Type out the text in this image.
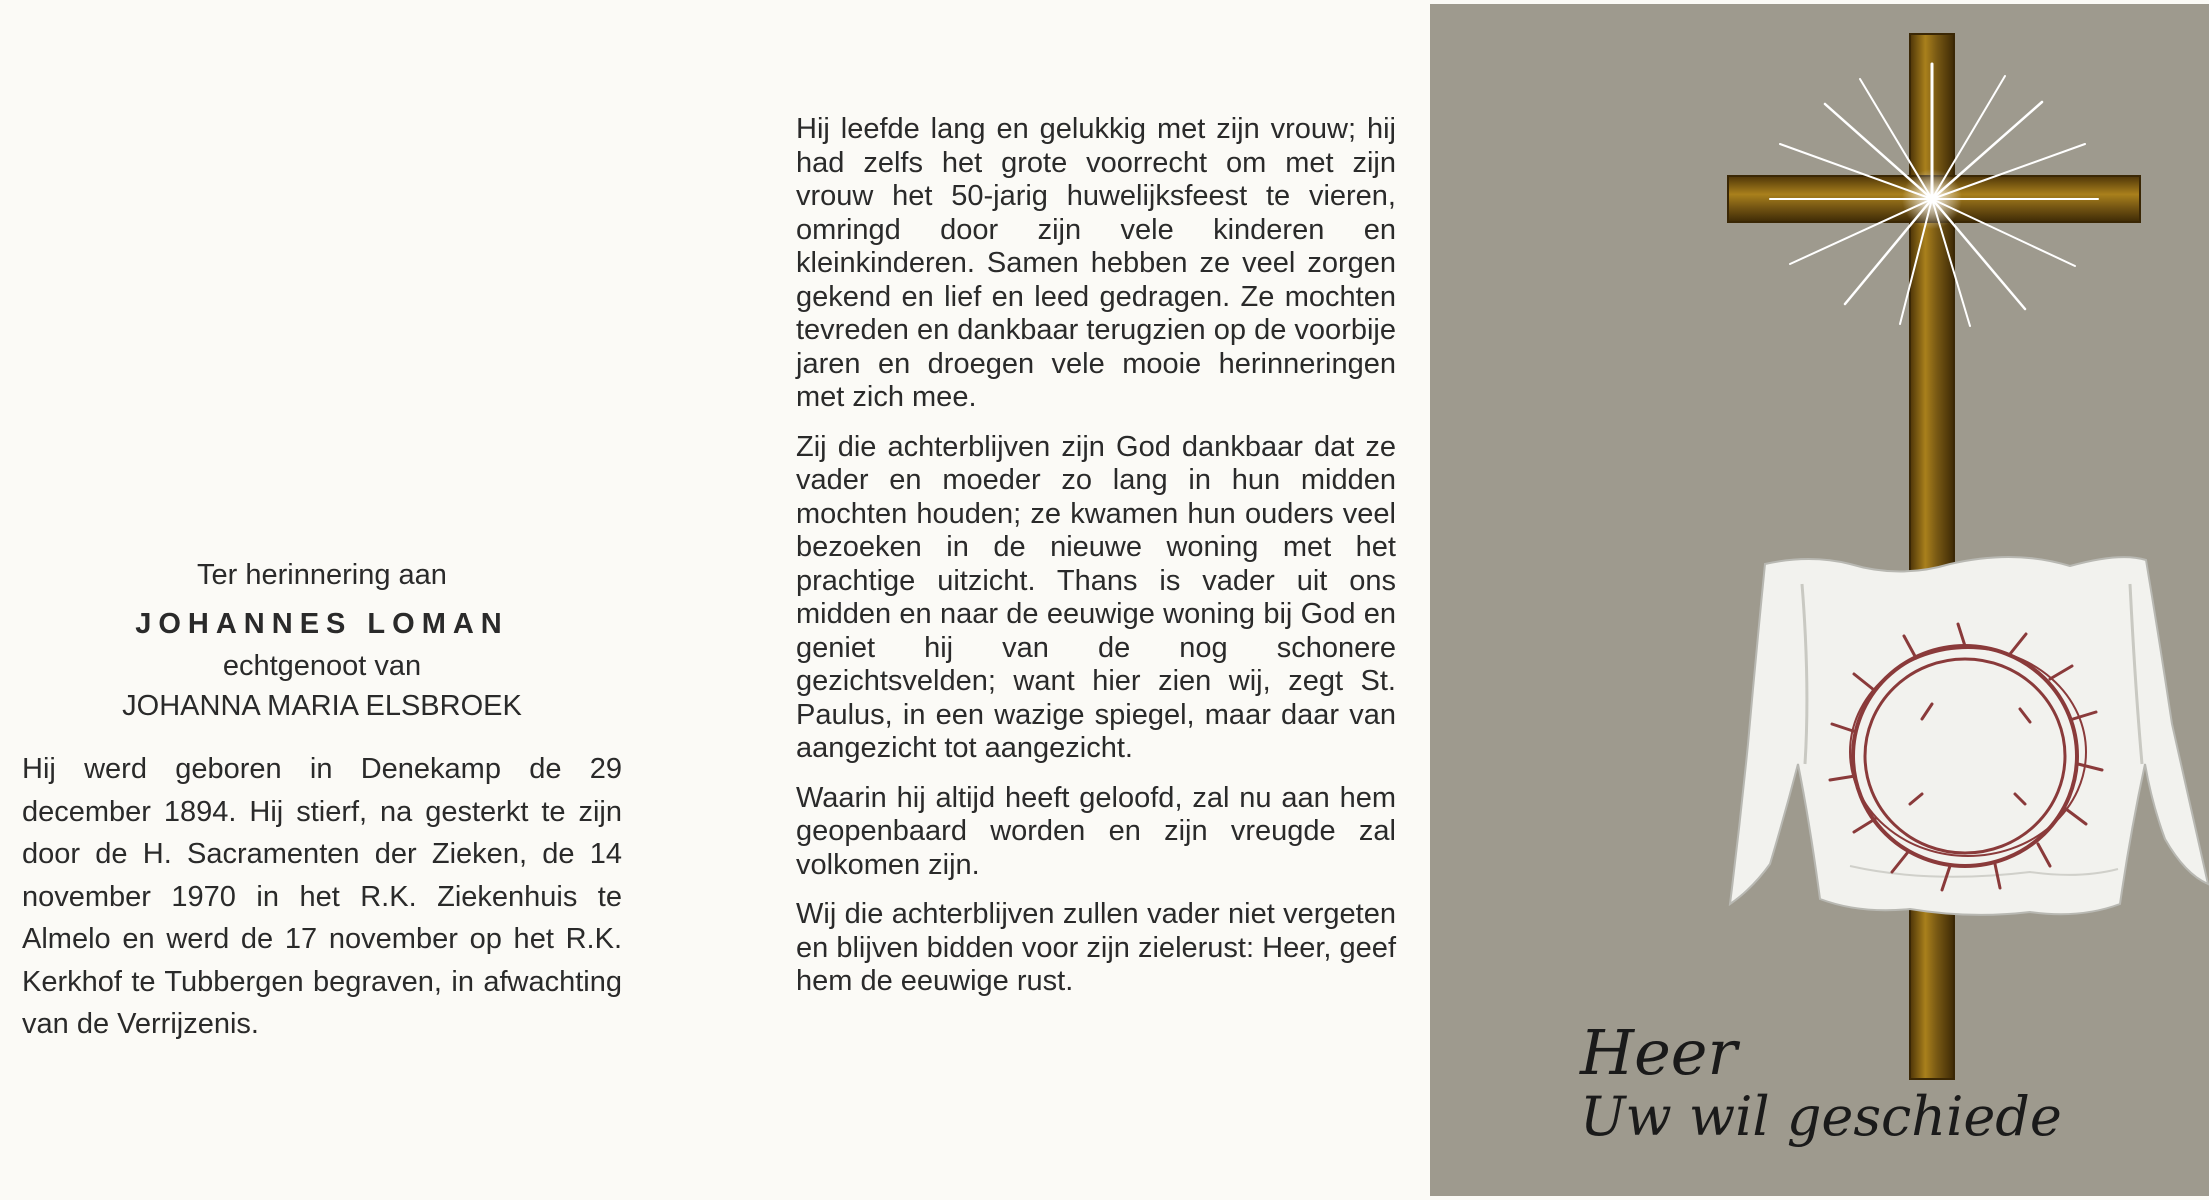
Ter herinnering aan
JOHANNES LOMAN
echtgenoot van
JOHANNA MARIA ELSBROEK
Hij werd geboren in Denekamp de 29 december 1894. Hij stierf, na gesterkt te zijn door de H. Sacramenten der Zieken, de 14 november 1970 in het R.K. Ziekenhuis te Almelo en werd de 17 november op het R.K. Kerkhof te Tubbergen begraven, in afwachting van de Verrijzenis.

Hij leefde lang en gelukkig met zijn vrouw; hij had zelfs het grote voorrecht om met zijn vrouw het 50-jarig huwelijksfeest te vieren, omringd door zijn vele kinderen en kleinkinderen. Samen hebben ze veel zorgen gekend en lief en leed gedragen. Ze mochten tevreden en dankbaar terugzien op de voorbije jaren en droegen vele mooie herinneringen met zich mee.

Zij die achterblijven zijn God dankbaar dat ze vader en moeder zo lang in hun midden mochten houden; ze kwamen hun ouders veel bezoeken in de nieuwe woning met het prachtige uitzicht. Thans is vader uit ons midden en naar de eeuwige woning bij God en geniet hij van de nog schonere gezichtsvelden; want hier zien wij, zegt St. Paulus, in een wazige spiegel, maar daar van aangezicht tot aangezicht.

Waarin hij altijd heeft geloofd, zal nu aan hem geopenbaard worden en zijn vreugde zal volkomen zijn.

Wij die achterblijven zullen vader niet vergeten en blijven bidden voor zijn zielerust: Heer, geef hem de eeuwige rust.

Heer
Uw wil geschiede
